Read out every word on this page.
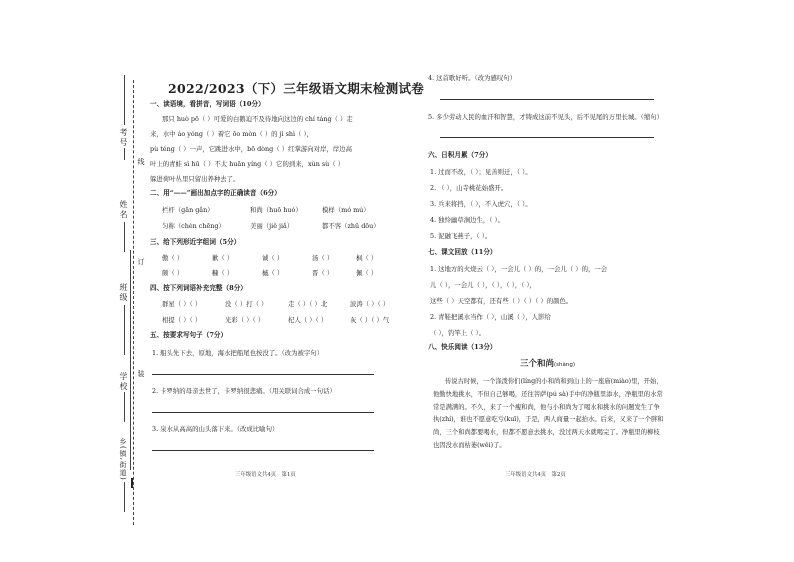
考号
线
姓名
订
班级
学校 装
乡(镇,街道)
2022/2023（下）三年级语文期末检测试卷
一、读语境，看拼音，写词语（10分）
那只 huò pō（ ）可爱的白鹅迫不及待地向这边的 chí táng（ ）走
来，水中 áo yóng（ ）着它 ōo mòn（ ）的 jì shì（ ），
pù téng（ ）一声，它跳进水中，bō dòng（ ）红掌游向对岸，岸边高
叶上的青蛙 sì hū（ ）不太 huān yíng（ ）它的到来，xùn sù（ ）
躲进荷叶丛里只留出养种去了。
二、用“——”画出加点字的正确读音（6分）
栏杆（gān gǎn）	和尚（huō huó）	模样（mó mú）
匀称（chèn chēng）	美丽（jiě jiǎ）	都不客（zhū dōu）
三、给下列形近字组词（5分）
傲（ ）	歉（ ）	诚（ ）	汤（ ）	枫（ ）
颇（ ）	糠（ ）	槭（ ）	晋（ ）	佩（ ）
四、按下列词语补充完整（8分）
群星（ ）（ ）	没（ ）打（ ）	走（ ）（ ）北	波涛（ ）（ ）
相提（ ）（ ）	光彩（ ）（ ）	杞人（ ）（ ）	灰（ ）（ ）气
五、按要求写句子（7分）
1. 船头先下去，原地，海水把船尾也按没了。（改为被字句）
2. 卡罗纳的母亲去世了，卡罗纳很悲痛。（用关联词合成一句话）
3. 泉水从高高的山头落下来。（改成比喻句）
三年级语文共4页　第1页
4. 这首歌好听。（改为感叹句）
5. 多少劳动人民的血汗和智慧，才铸成这前不见头，后不见尾的万里长城。（缩句）
六、日积月累（7分）
1. 过而不改，（ ）；见善则迁，（ ）。
2. （ ），山寺桃花始盛开。
3. 兵来将挡，（ ），不入虎穴，（ ）。
4. 独怜幽草涧边生，（ ）。
5. 泥融飞燕子，（ ）。
七、课文回放（11分）
1. 这地方的火烧云（ ），一会儿（ ）的，一会儿（ ）的，一会
儿（ ），一会儿（ ），（ ），（ ），（ ），
这些（ ）天空都有，还有些（ ）（ ）（ ）的颜色。
2. 青鞋把溪水当作（ ），山溪（ ），人影给
（ ），钓竿上（ ）。
八、快乐阅读（13分）
三个和尚(shàng)
传说古时候，一个涤泼你们(líng的小和尚和到山上的一座庙(miào)里，开始，他勤快地挑水，不但自己够喝，还往菩萨(pú sà)手中的净瓶里添水，净瓶里的水常常是满满的。不久，来了一个瘦和尚，他与小和尚为了喝水和挑水的问题发生了争执(zhí)，谁也不愿意吃亏(kuī)，于是，两人商量一起抬水。后来，又来了一个胖和尚，三个和尚都要喝水，但都不愿意去挑水，没过两天水就喝完了。净瓶里的柳枝也因没水而枯萎(wěi)了。
三年级语文共4页　第2页
